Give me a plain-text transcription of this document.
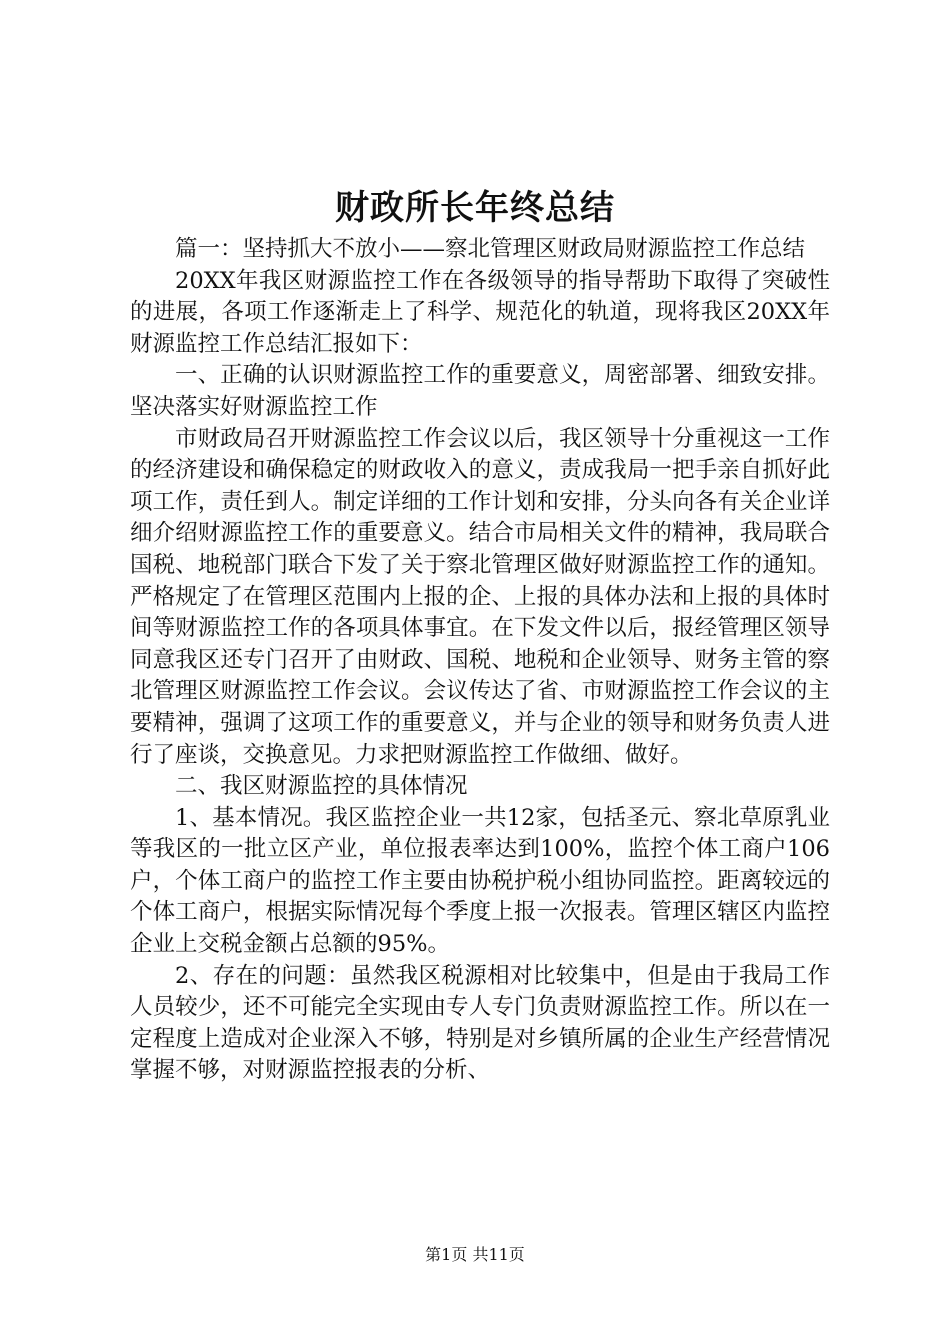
财政所长年终总结

篇一：坚持抓大不放小——察北管理区财政局财源监控工作总结

20XX年我区财源监控工作在各级领导的指导帮助下取得了突破性的进展，各项工作逐渐走上了科学、规范化的轨道，现将我区20XX年财源监控工作总结汇报如下：

一、正确的认识财源监控工作的重要意义，周密部署、细致安排。坚决落实好财源监控工作

市财政局召开财源监控工作会议以后，我区领导十分重视这一工作的经济建设和确保稳定的财政收入的意义，责成我局一把手亲自抓好此项工作，责任到人。制定详细的工作计划和安排，分头向各有关企业详细介绍财源监控工作的重要意义。结合市局相关文件的精神，我局联合国税、地税部门联合下发了关于察北管理区做好财源监控工作的通知。严格规定了在管理区范围内上报的企、上报的具体办法和上报的具体时间等财源监控工作的各项具体事宜。在下发文件以后，报经管理区领导同意我区还专门召开了由财政、国税、地税和企业领导、财务主管的察北管理区财源监控工作会议。会议传达了省、市财源监控工作会议的主要精神，强调了这项工作的重要意义，并与企业的领导和财务负责人进行了座谈，交换意见。力求把财源监控工作做细、做好。

二、我区财源监控的具体情况

1、基本情况。我区监控企业一共12家，包括圣元、察北草原乳业等我区的一批立区产业，单位报表率达到100%，监控个体工商户106户，个体工商户的监控工作主要由协税护税小组协同监控。距离较远的个体工商户，根据实际情况每个季度上报一次报表。管理区辖区内监控企业上交税金额占总额的95%。

2、存在的问题：虽然我区税源相对比较集中，但是由于我局工作人员较少，还不可能完全实现由专人专门负责财源监控工作。所以在一定程度上造成对企业深入不够，特别是对乡镇所属的企业生产经营情况掌握不够，对财源监控报表的分析、

第1页 共11页
